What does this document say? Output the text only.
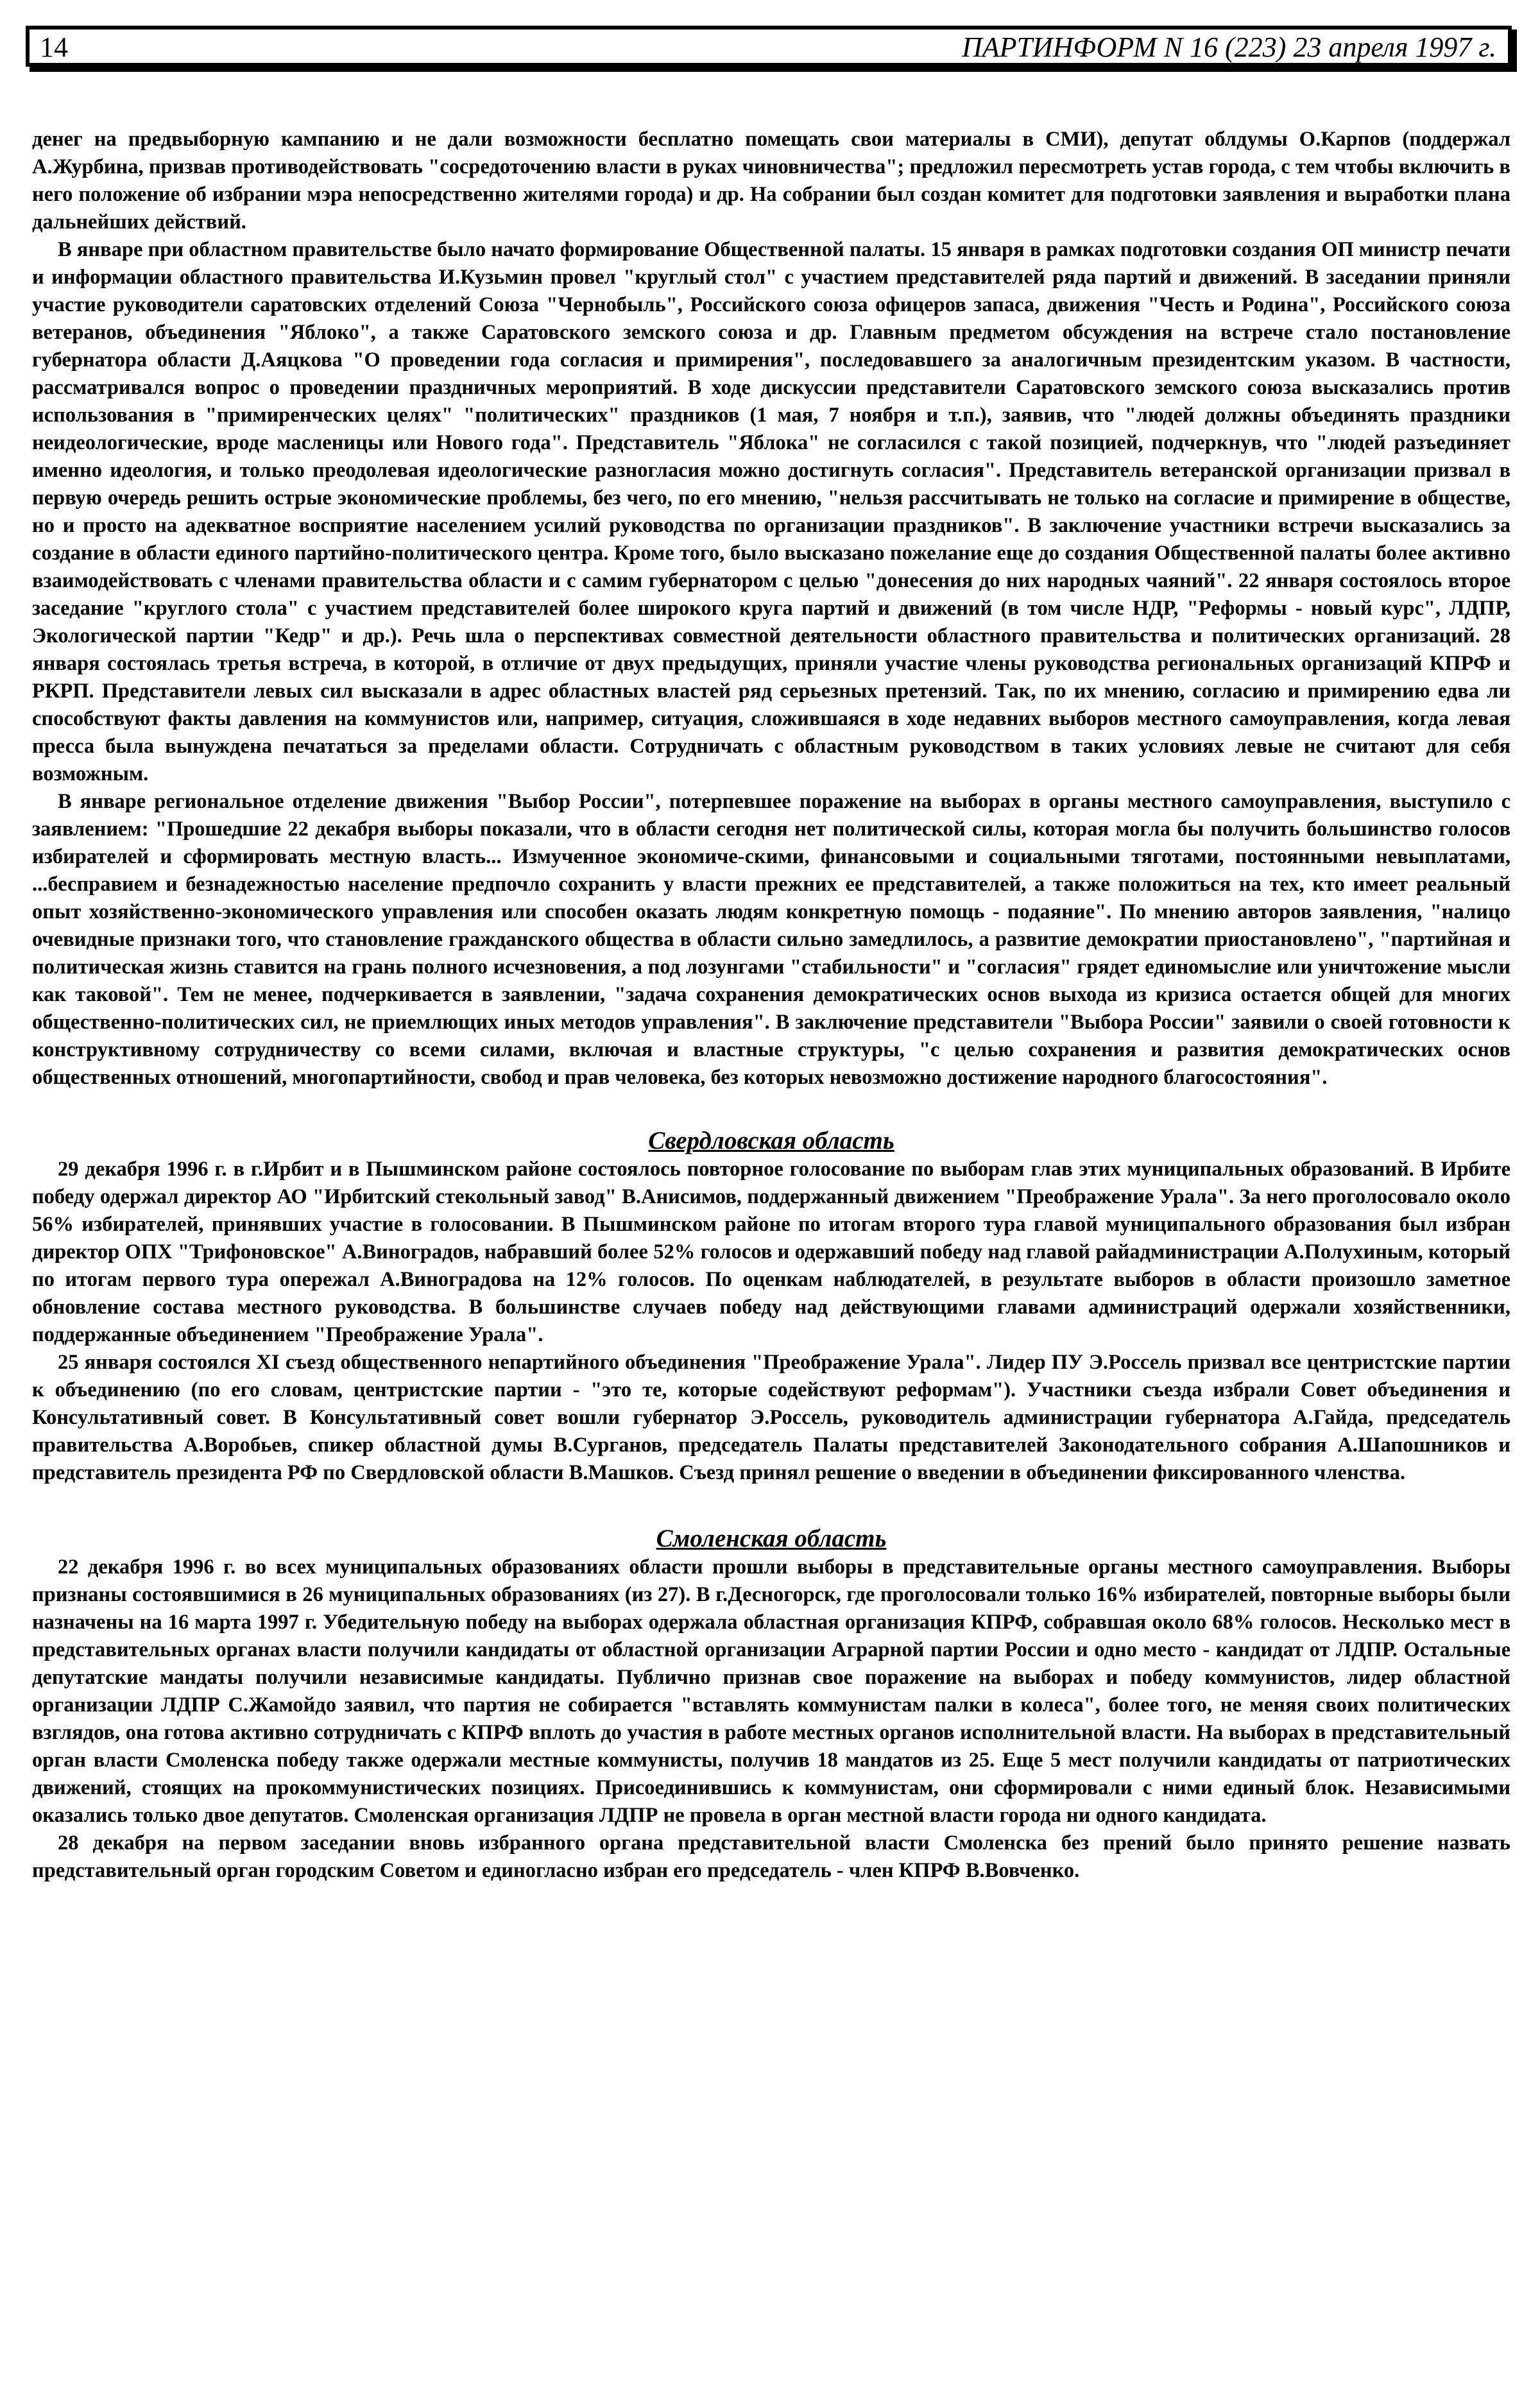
14	ПАРТИНФОРМ N 16 (223) 23 апреля 1997 г.

денег на предвыборную кампанию и не дали возможности бесплатно помещать свои материалы в СМИ), депутат облдумы О.Карпов (поддержал А.Журбина, призвав противодействовать "сосредоточению власти в руках чиновничества"; предложил пересмотреть устав города, с тем чтобы включить в него положение об избрании мэра непосредственно жителями города) и др. На собрании был создан комитет для подготовки заявления и выработки плана дальнейших действий.

В январе при областном правительстве было начато формирование Общественной палаты. 15 января в рамках подготовки создания ОП министр печати и информации областного правительства И.Кузьмин провел "круглый стол" с участием представителей ряда партий и движений. В заседании приняли участие руководители саратовских отделений Союза "Чернобыль", Российского союза офицеров запаса, движения "Честь и Родина", Российского союза ветеранов, объединения "Яблоко", а также Саратовского земского союза и др. Главным предметом обсуждения на встрече стало постановление губернатора области Д.Аяцкова "О проведении года согласия и примирения", последовавшего за аналогичным президентским указом. В частности, рассматривался вопрос о проведении праздничных мероприятий. В ходе дискуссии представители Саратовского земского союза высказались против использования в "примиренческих целях" "политических" праздников (1 мая, 7 ноября и т.п.), заявив, что "людей должны объединять праздники неидеологические, вроде масленицы или Нового года". Представитель "Яблока" не согласился с такой позицией, подчеркнув, что "людей разъединяет именно идеология, и только преодолевая идеологические разногласия можно достигнуть согласия". Представитель ветеранской организации призвал в первую очередь решить острые экономические проблемы, без чего, по его мнению, "нельзя рассчитывать не только на согласие и примирение в обществе, но и просто на адекватное восприятие населением усилий руководства по организации праздников". В заключение участники встречи высказались за создание в области единого партийно-политического центра. Кроме того, было высказано пожелание еще до создания Общественной палаты более активно взаимодействовать с членами правительства области и с самим губернатором с целью "донесения до них народных чаяний". 22 января состоялось второе заседание "круглого стола" с участием представителей более широкого круга партий и движений (в том числе НДР, "Реформы - новый курс", ЛДПР, Экологической партии "Кедр" и др.). Речь шла о перспективах совместной деятельности областного правительства и политических организаций. 28 января состоялась третья встреча, в которой, в отличие от двух предыдущих, приняли участие члены руководства региональных организаций КПРФ и РКРП. Представители левых сил высказали в адрес областных властей ряд серьезных претензий. Так, по их мнению, согласию и примирению едва ли способствуют факты давления на коммунистов или, например, ситуация, сложившаяся в ходе недавних выборов местного самоуправления, когда левая пресса была вынуждена печататься за пределами области. Сотрудничать с областным руководством в таких условиях левые не считают для себя возможным.

В январе региональное отделение движения "Выбор России", потерпевшее поражение на выборах в органы местного самоуправления, выступило с заявлением: "Прошедшие 22 декабря выборы показали, что в области сегодня нет политической силы, которая могла бы получить большинство голосов избирателей и сформировать местную власть... Измученное экономиче-скими, финансовыми и социальными тяготами, постоянными невыплатами, ...бесправием и безнадежностью население предпочло сохранить у власти прежних ее представителей, а также положиться на тех, кто имеет реальный опыт хозяйственно-экономического управления или способен оказать людям конкретную помощь - подаяние". По мнению авторов заявления, "налицо очевидные признаки того, что становление гражданского общества в области сильно замедлилось, а развитие демократии приостановлено", "партийная и политическая жизнь ставится на грань полного исчезновения, а под лозунгами "стабильности" и "согласия" грядет единомыслие или уничтожение мысли как таковой". Тем не менее, подчеркивается в заявлении, "задача сохранения демократических основ выхода из кризиса остается общей для многих общественно-политических сил, не приемлющих иных методов управления". В заключение представители "Выбора России" заявили о своей готовности к конструктивному сотрудничеству со всеми силами, включая и властные структуры, "с целью сохранения и развития демократических основ общественных отношений, многопартийности, свобод и прав человека, без которых невозможно достижение народного благосостояния".

Свердловская область

29 декабря 1996 г. в г.Ирбит и в Пышминском районе состоялось повторное голосование по выборам глав этих муниципальных образований. В Ирбите победу одержал директор АО "Ирбитский стекольный завод" В.Анисимов, поддержанный движением "Преображение Урала". За него проголосовало около 56% избирателей, принявших участие в голосовании. В Пышминском районе по итогам второго тура главой муниципального образования был избран директор ОПХ "Трифоновское" А.Виноградов, набравший более 52% голосов и одержавший победу над главой райадминистрации А.Полухиным, который по итогам первого тура опережал А.Виноградова на 12% голосов. По оценкам наблюдателей, в результате выборов в области произошло заметное обновление состава местного руководства. В большинстве случаев победу над действующими главами администраций одержали хозяйственники, поддержанные объединением "Преображение Урала".

25 января состоялся XI съезд общественного непартийного объединения "Преображение Урала". Лидер ПУ Э.Россель призвал все центристские партии к объединению (по его словам, центристские партии - "это те, которые содействуют реформам"). Участники съезда избрали Совет объединения и Консультативный совет. В Консультативный совет вошли губернатор Э.Россель, руководитель администрации губернатора А.Гайда, председатель правительства А.Воробьев, спикер областной думы В.Сурганов, председатель Палаты представителей Законодательного собрания А.Шапошников и представитель президента РФ по Свердловской области В.Машков. Съезд принял решение о введении в объединении фиксированного членства.

Смоленская область

22 декабря 1996 г. во всех муниципальных образованиях области прошли выборы в представительные органы местного самоуправления. Выборы признаны состоявшимися в 26 муниципальных образованиях (из 27). В г.Десногорск, где проголосовали только 16% избирателей, повторные выборы были назначены на 16 марта 1997 г. Убедительную победу на выборах одержала областная организация КПРФ, собравшая около 68% голосов. Несколько мест в представительных органах власти получили кандидаты от областной организации Аграрной партии России и одно место - кандидат от ЛДПР. Остальные депутатские мандаты получили независимые кандидаты. Публично признав свое поражение на выборах и победу коммунистов, лидер областной организации ЛДПР С.Жамойдо заявил, что партия не собирается "вставлять коммунистам палки в колеса", более того, не меняя своих политических взглядов, она готова активно сотрудничать с КПРФ вплоть до участия в работе местных органов исполнительной власти. На выборах в представительный орган власти Смоленска победу также одержали местные коммунисты, получив 18 мандатов из 25. Еще 5 мест получили кандидаты от патриотических движений, стоящих на прокоммунистических позициях. Присоединившись к коммунистам, они сформировали с ними единый блок. Независимыми оказались только двое депутатов. Смоленская организация ЛДПР не провела в орган местной власти города ни одного кандидата.

28 декабря на первом заседании вновь избранного органа представительной власти Смоленска без прений было принято решение назвать представительный орган городским Советом и единогласно избран его председатель - член КПРФ В.Вовченко.
